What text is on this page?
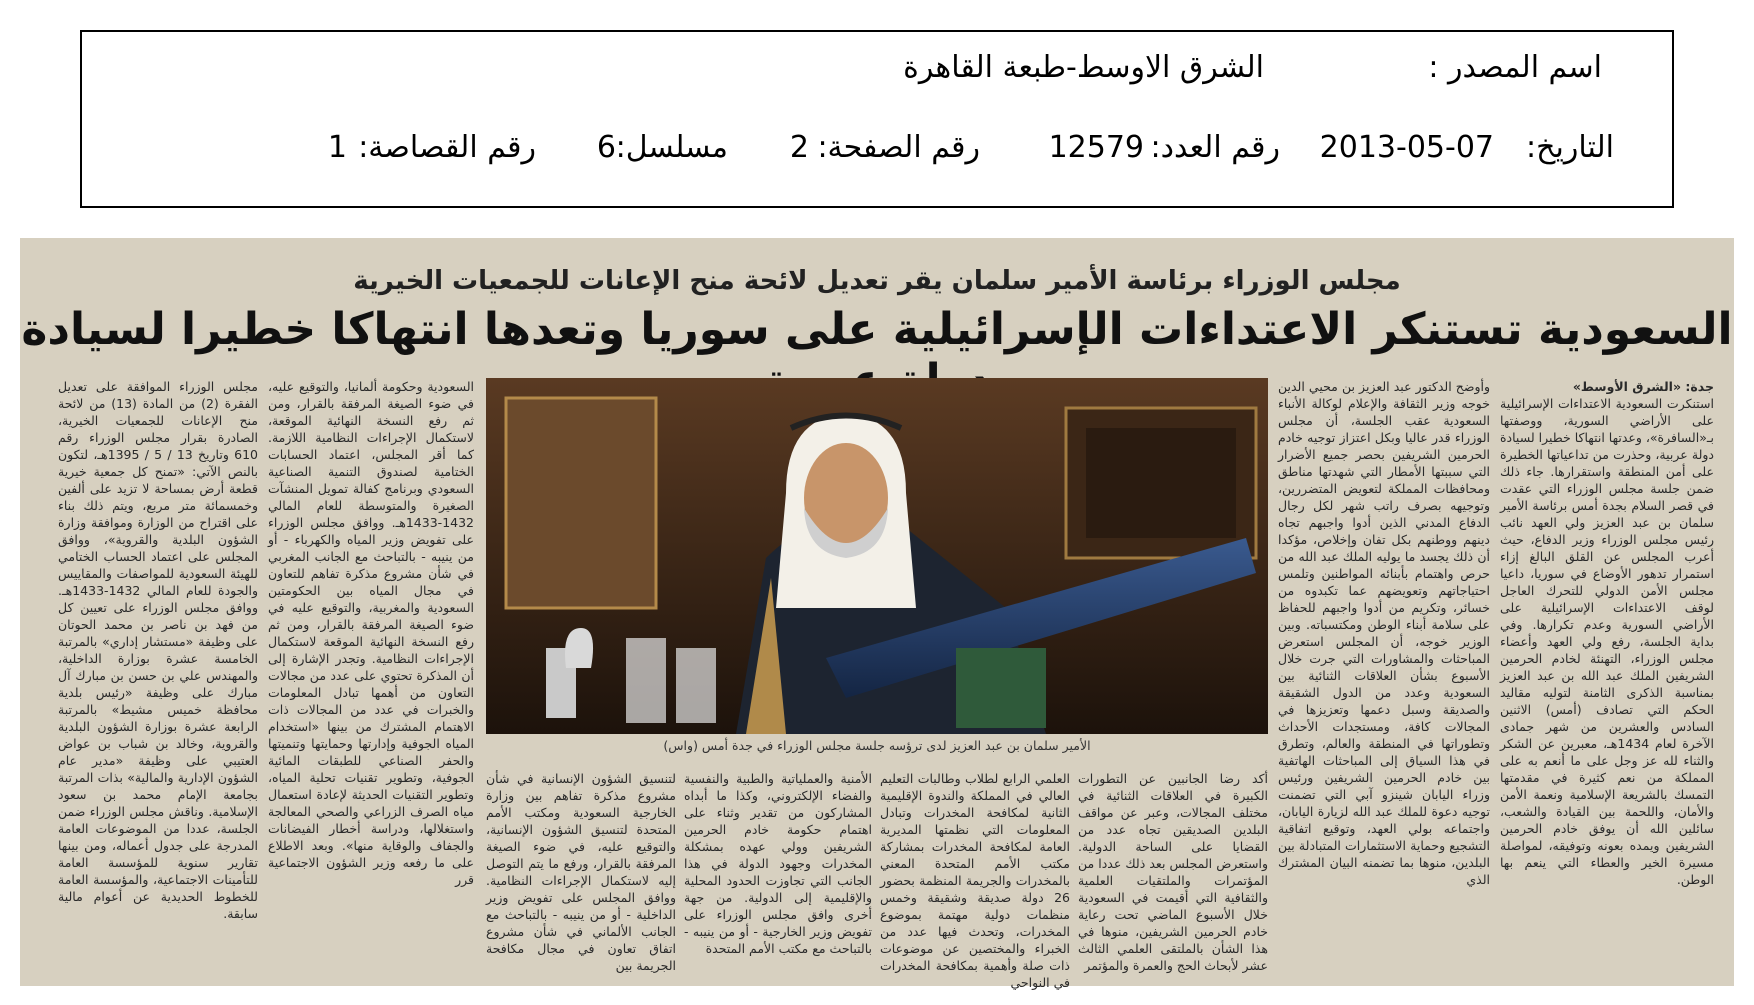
اسم المصدر :
الشرق الاوسط-طبعة القاهرة
التاريخ:
2013-05-07
رقم العدد:
12579
رقم الصفحة:
2
مسلسل:
6
رقم القصاصة:
1
مجلس الوزراء برئاسة الأمير سلمان يقر تعديل لائحة منح الإعانات للجمعيات الخيرية
السعودية تستنكر الاعتداءات الإسرائيلية على سوريا وتعدها انتهاكا خطيرا لسيادة
جدة: «الشرق الأوسط»
استنكرت السعودية الاعتداءات الإسرائيلية على الأراضي السورية، ووصفتها بـ«السافرة»، وعدتها انتهاكا خطيرا لسيادة دولة عربية، وحذرت من تداعياتها الخطيرة على أمن المنطقة واستقرارها. جاء ذلك ضمن جلسة مجلس الوزراء التي عقدت في قصر السلام بجدة أمس برئاسة الأمير سلمان بن عبد العزيز ولي العهد نائب رئيس مجلس الوزراء وزير الدفاع، حيث أعرب المجلس عن القلق البالغ إزاء استمرار تدهور الأوضاع في سوريا، داعيا مجلس الأمن الدولي للتحرك العاجل لوقف الاعتداءات الإسرائيلية على الأراضي السورية وعدم تكرارها. وفي بداية الجلسة، رفع ولي العهد وأعضاء مجلس الوزراء، التهنئة لخادم الحرمين الشريفين الملك عبد الله بن عبد العزيز بمناسبة الذكرى الثامنة لتوليه مقاليد الحكم التي تصادف (أمس) الاثنين السادس والعشرين من شهر جمادى الآخرة لعام 1434هـ، معبرين عن الشكر والثناء لله عز وجل على ما أنعم به على المملكة من نعم كثيرة في مقدمتها التمسك بالشريعة الإسلامية ونعمة الأمن والأمان، واللحمة بين القيادة والشعب، سائلين الله أن يوفق خادم الحرمين الشريفين ويمده بعونه وتوفيقه، لمواصلة مسيرة الخير والعطاء التي ينعم بها الوطن.
وأوضح الدكتور عبد العزيز بن محيي الدين خوجه وزير الثقافة والإعلام لوكالة الأنباء السعودية عقب الجلسة، أن مجلس الوزراء قدر عاليا وبكل اعتزاز توجيه خادم الحرمين الشريفين بحصر جميع الأضرار التي سببتها الأمطار التي شهدتها مناطق ومحافظات المملكة لتعويض المتضررين، وتوجيهه بصرف راتب شهر لكل رجال الدفاع المدني الذين أدوا واجبهم تجاه دينهم ووطنهم بكل تفان وإخلاص، مؤكدا أن ذلك يجسد ما يوليه الملك عبد الله من حرص واهتمام بأبنائه المواطنين وتلمس احتياجاتهم وتعويضهم عما تكبدوه من خسائر، وتكريم من أدوا واجبهم للحفاظ على سلامة أبناء الوطن ومكتسباته. وبين الوزير خوجه، أن المجلس استعرض المباحثات والمشاورات التي جرت خلال الأسبوع بشأن العلاقات الثنائية بين السعودية وعدد من الدول الشقيقة والصديقة وسبل دعمها وتعزيزها في المجالات كافة، ومستجدات الأحداث وتطوراتها في المنطقة والعالم، وتطرق في هذا السياق إلى المباحثات الهاتفية بين خادم الحرمين الشريفين ورئيس وزراء اليابان شينزو آبي التي تضمنت توجيه دعوة للملك عبد الله لزيارة اليابان، واجتماعه بولي العهد، وتوقيع اتفاقية التشجيع وحماية الاستثمارات المتبادلة بين البلدين، منوها بما تضمنه البيان المشترك الذي
أكد رضا الجانبين عن التطورات الكبيرة في العلاقات الثنائية في مختلف المجالات، وعبر عن مواقف البلدين الصديقين تجاه عدد من القضايا على الساحة الدولية. واستعرض المجلس بعد ذلك عددا من المؤتمرات والملتقيات العلمية والثقافية التي أقيمت في السعودية خلال الأسبوع الماضي تحت رعاية خادم الحرمين الشريفين، منوها في هذا الشأن بالملتقى العلمي الثالث عشر لأبحاث الحج والعمرة والمؤتمر
العلمي الرابع لطلاب وطالبات التعليم العالي في المملكة والندوة الإقليمية الثانية لمكافحة المخدرات وتبادل المعلومات التي نظمتها المديرية العامة لمكافحة المخدرات بمشاركة مكتب الأمم المتحدة المعني بالمخدرات والجريمة المنظمة بحضور 26 دولة صديقة وشقيقة وخمس منظمات دولية مهتمة بموضوع المخدرات، وتحدث فيها عدد من الخبراء والمختصين عن موضوعات ذات صلة وأهمية بمكافحة المخدرات في النواحي
الأمنية والعملياتية والطبية والنفسية والفضاء الإلكتروني، وكذا ما أبداه المشاركون من تقدير وثناء على اهتمام حكومة خادم الحرمين الشريفين وولي عهده بمشكلة المخدرات وجهود الدولة في هذا الجانب التي تجاوزت الحدود المحلية والإقليمية إلى الدولية. من جهة أخرى وافق مجلس الوزراء على تفويض وزير الخارجية - أو من ينيبه - بالتباحث مع مكتب الأمم المتحدة
لتنسيق الشؤون الإنسانية في شأن مشروع مذكرة تفاهم بين وزارة الخارجية السعودية ومكتب الأمم المتحدة لتنسيق الشؤون الإنسانية، والتوقيع عليه، في ضوء الصيغة المرفقة بالقرار، ورفع ما يتم التوصل إليه لاستكمال الإجراءات النظامية. ووافق المجلس على تفويض وزير الداخلية - أو من ينيبه - بالتباحث مع الجانب الألماني في شأن مشروع اتفاق تعاون في مجال مكافحة الجريمة بين
السعودية وحكومة ألمانيا، والتوقيع عليه، في ضوء الصيغة المرفقة بالقرار، ومن ثم رفع النسخة النهائية الموقعة، لاستكمال الإجراءات النظامية اللازمة. كما أقر المجلس، اعتماد الحسابات الختامية لصندوق التنمية الصناعية السعودي وبرنامج كفالة تمويل المنشآت الصغيرة والمتوسطة للعام المالي 1432-1433هـ. ووافق مجلس الوزراء على تفويض وزير المياه والكهرباء - أو من ينيبه - بالتباحث مع الجانب المغربي في شأن مشروع مذكرة تفاهم للتعاون في مجال المياه بين الحكومتين السعودية والمغربية، والتوقيع عليه في ضوء الصيغة المرفقة بالقرار، ومن ثم رفع النسخة النهائية الموقعة لاستكمال الإجراءات النظامية. وتجدر الإشارة إلى أن المذكرة تحتوي على عدد من مجالات التعاون من أهمها تبادل المعلومات والخبرات في عدد من المجالات ذات الاهتمام المشترك من بينها «استخدام المياه الجوفية وإدارتها وحمايتها وتنميتها والحفر الصناعي للطبقات المائية الجوفية، وتطوير تقنيات تحلية المياه، وتطوير التقنيات الحديثة لإعادة استعمال مياه الصرف الزراعي والصحي المعالجة واستغلالها، ودراسة أخطار الفيضانات والجفاف والوقاية منها». وبعد الاطلاع على ما رفعه وزير الشؤون الاجتماعية قرر
مجلس الوزراء الموافقة على تعديل الفقرة (2) من المادة (13) من لائحة منح الإعانات للجمعيات الخيرية، الصادرة بقرار مجلس الوزراء رقم 610 وتاريخ 13 / 5 / 1395هـ، لتكون بالنص الآتي: «تمنح كل جمعية خيرية قطعة أرض بمساحة لا تزيد على ألفين وخمسمائة متر مربع، ويتم ذلك بناء على اقتراح من الوزارة وموافقة وزارة الشؤون البلدية والقروية»، ووافق المجلس على اعتماد الحساب الختامي للهيئة السعودية للمواصفات والمقاييس والجودة للعام المالي 1432-1433هـ. ووافق مجلس الوزراء على تعيين كل من فهد بن ناصر بن محمد الحوتان على وظيفة «مستشار إداري» بالمرتبة الخامسة عشرة بوزارة الداخلية، والمهندس علي بن حسن بن مبارك آل مبارك على وظيفة «رئيس بلدية محافظة خميس مشيط» بالمرتبة الرابعة عشرة بوزارة الشؤون البلدية والقروية، وخالد بن شباب بن عواض العتيبي على وظيفة «مدير عام الشؤون الإدارية والمالية» بذات المرتبة بجامعة الإمام محمد بن سعود الإسلامية. وناقش مجلس الوزراء ضمن الجلسة، عددا من الموضوعات العامة المدرجة على جدول أعماله، ومن بينها تقارير سنوية للمؤسسة العامة للتأمينات الاجتماعية، والمؤسسة العامة للخطوط الحديدية عن أعوام مالية سابقة.
الأمير سلمان بن عبد العزيز لدى ترؤسه جلسة مجلس الوزراء في جدة أمس (واس)
